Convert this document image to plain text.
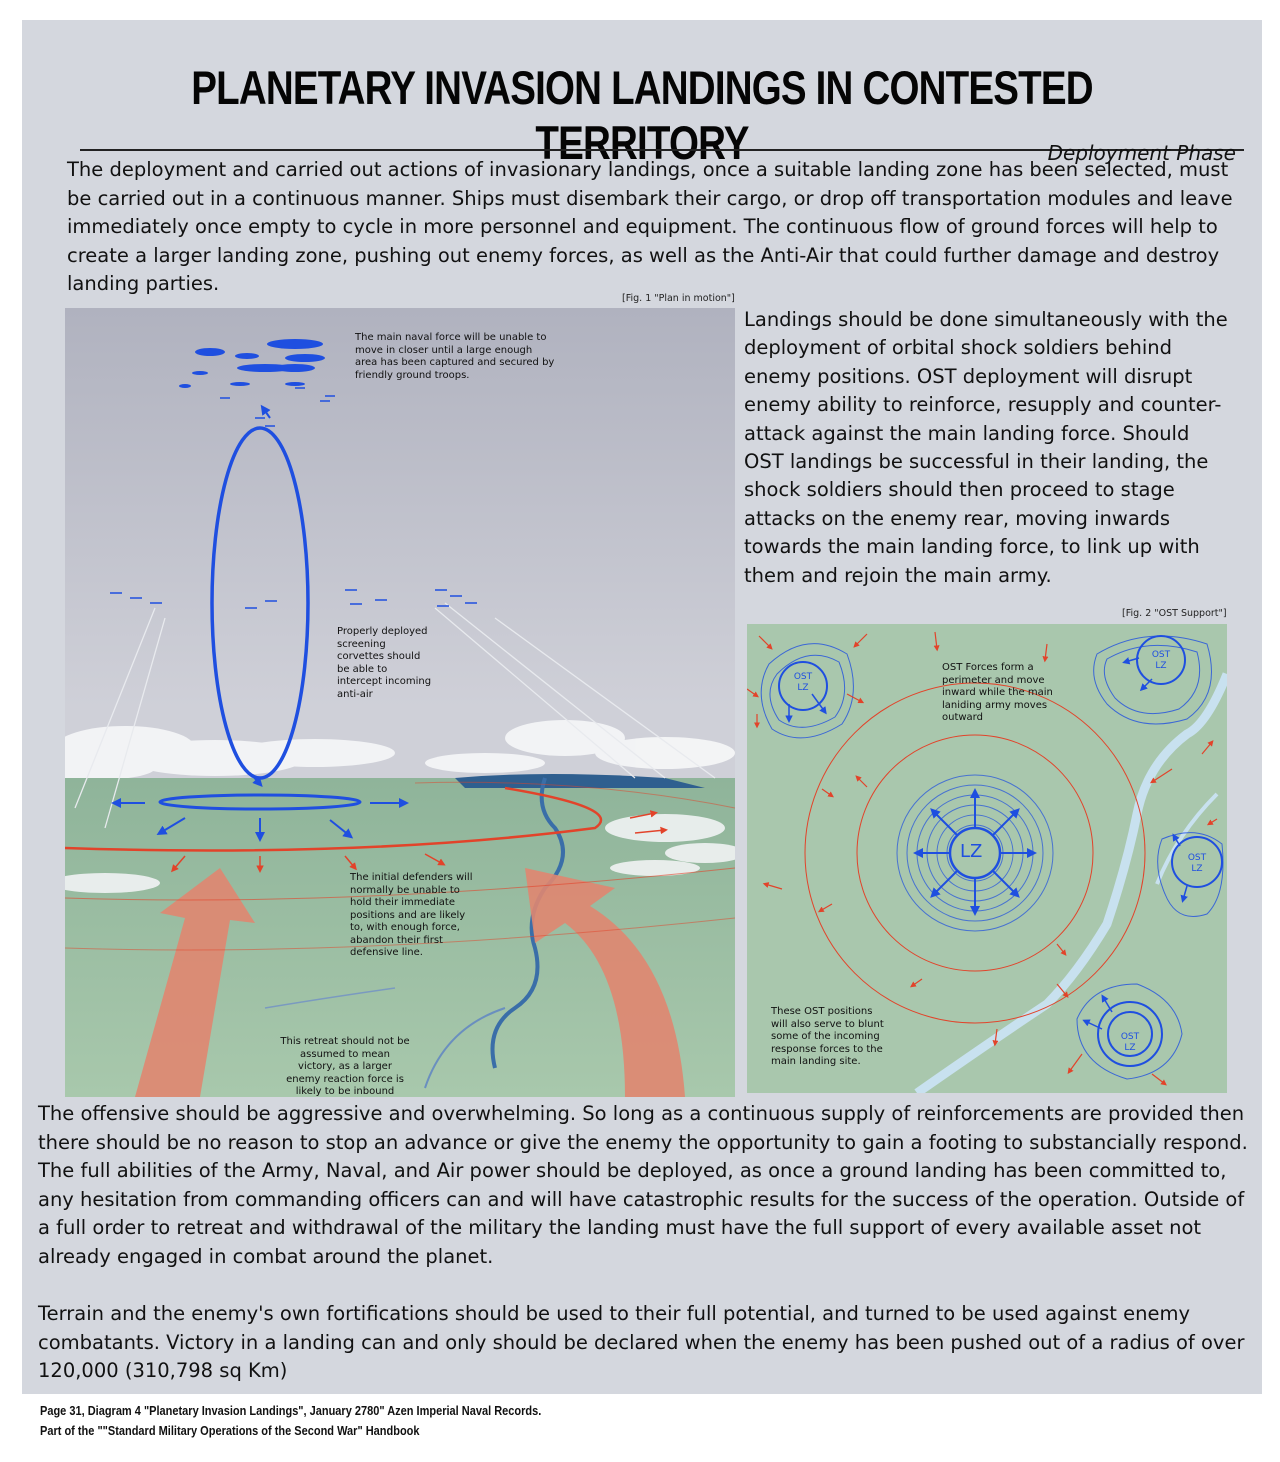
PLANETARY INVASION LANDINGS IN CONTESTED TERRITORY	Deployment Phase

The deployment and carried out actions of invasionary landings, once a suitable landing zone has been selected, must be carried out in a continuous manner. Ships must disembark their cargo, or drop off transportation modules and leave immediately once empty to cycle in more personnel and equipment. The continuous flow of ground forces will help to create a larger landing zone, pushing out enemy forces, as well as the Anti-Air that could further damage and destroy landing parties.

[Fig. 1 "Plan in motion"]

The main naval force will be unable to move in closer until a large enough area has been captured and secured by friendly ground troops.

Properly deployed screening corvettes should be able to intercept incoming anti-air

The initial defenders will normally be unable to hold their immediate positions and are likely to, with enough force, abandon their first defensive line.

This retreat should not be assumed to mean victory, as a larger enemy reaction force is likely to be inbound

Landings should be done simultaneously with the deployment of orbital shock soldiers behind enemy positions. OST deployment will disrupt enemy ability to reinforce, resupply and counter-attack against the main landing force. Should OST landings be successful in their landing, the shock soldiers should then proceed to stage attacks on the enemy rear, moving inwards towards the main landing force, to link up with them and rejoin the main army.

[Fig. 2 "OST Support"]
LZ
OST
LZ
OST
LZ
OST
LZ
OST
LZ

OST Forces form a perimeter and move inward while the main laniding army moves outward

These OST positions will also serve to blunt some of the incoming response forces to the main landing site.

The offensive should be aggressive and overwhelming. So long as a continuous supply of reinforcements are provided then there should be no reason to stop an advance or give the enemy the opportunity to gain a footing to substancially respond. The full abilities of the Army, Naval, and Air power should be deployed, as once a ground landing has been committed to, any hesitation from commanding officers can and will have catastrophic results for the success of the operation. Outside of a full order to retreat and withdrawal of the military the landing must have the full support of every available asset not already engaged in combat around the planet.

Terrain and the enemy's own fortifications should be used to their full potential, and turned to be used against enemy combatants. Victory in a landing can and only should be declared when the enemy has been pushed out of a radius of over 120,000 (310,798 sq Km)

Page 31, Diagram 4 "Planetary Invasion Landings", January 2780" Azen Imperial Naval Records.
Part of the ""Standard Military Operations of the Second War" Handbook
